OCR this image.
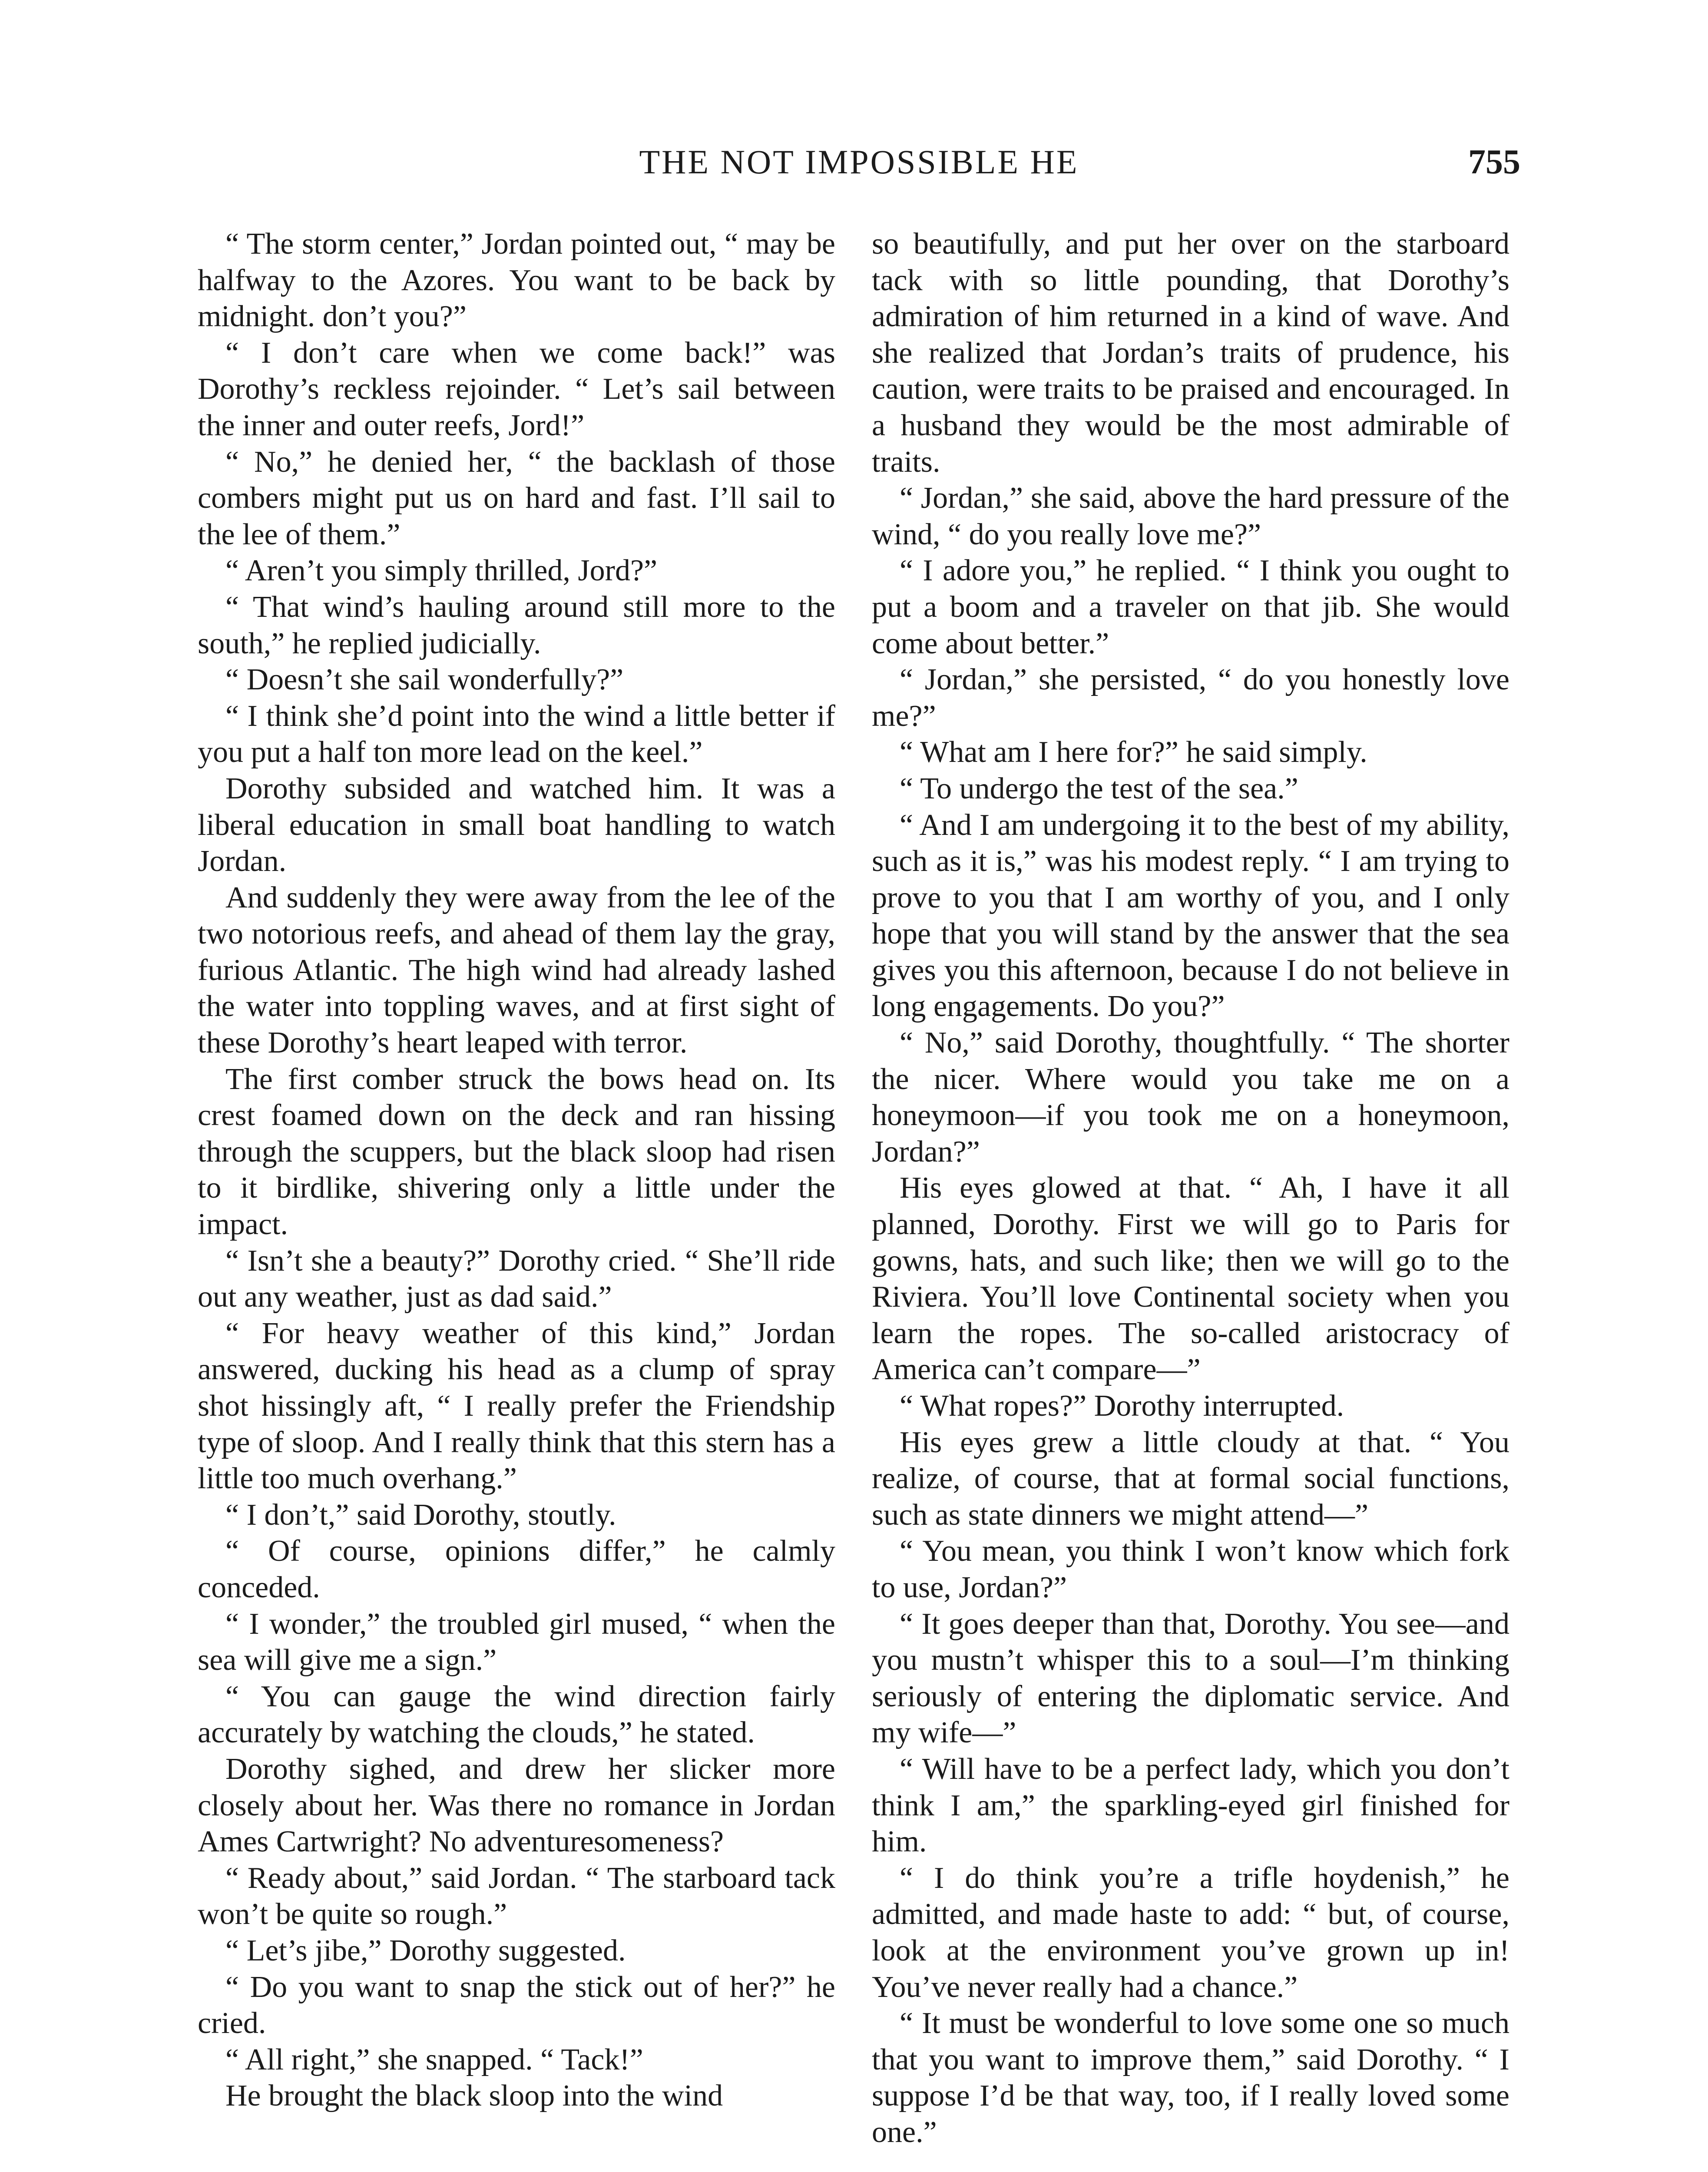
THE NOT IMPOSSIBLE HE	755

“ The storm center,” Jordan pointed out, “ may be halfway to the Azores. You want to be back by midnight. don’t you?”

“ I don’t care when we come back!” was Dorothy’s reckless rejoinder. “ Let’s sail between the inner and outer reefs, Jord!”

“ No,” he denied her, “ the backlash of those combers might put us on hard and fast. I’ll sail to the lee of them.”

“ Aren’t you simply thrilled, Jord?”

“ That wind’s hauling around still more to the south,” he replied judicially.

“ Doesn’t she sail wonderfully?”

“ I think she’d point into the wind a little better if you put a half ton more lead on the keel.”

Dorothy subsided and watched him. It was a liberal education in small boat handling to watch Jordan.

And suddenly they were away from the lee of the two notorious reefs, and ahead of them lay the gray, furious Atlantic. The high wind had already lashed the water into toppling waves, and at first sight of these Dorothy’s heart leaped with terror.

The first comber struck the bows head on. Its crest foamed down on the deck and ran hissing through the scuppers, but the black sloop had risen to it birdlike, shivering only a little under the impact.

“ Isn’t she a beauty?” Dorothy cried. “ She’ll ride out any weather, just as dad said.”

“ For heavy weather of this kind,” Jordan answered, ducking his head as a clump of spray shot hissingly aft, “ I really prefer the Friendship type of sloop. And I really think that this stern has a little too much overhang.”

“ I don’t,” said Dorothy, stoutly.

“ Of course, opinions differ,” he calmly conceded.

“ I wonder,” the troubled girl mused, “ when the sea will give me a sign.”

“ You can gauge the wind direction fairly accurately by watching the clouds,” he stated.

Dorothy sighed, and drew her slicker more closely about her. Was there no romance in Jordan Ames Cartwright? No adventuresomeness?

“ Ready about,” said Jordan. “ The starboard tack won’t be quite so rough.”

“ Let’s jibe,” Dorothy suggested.

“ Do you want to snap the stick out of her?” he cried.

“ All right,” she snapped. “ Tack!”

He brought the black sloop into the wind

so beautifully, and put her over on the starboard tack with so little pounding, that Dorothy’s admiration of him returned in a kind of wave. And she realized that Jordan’s traits of prudence, his caution, were traits to be praised and encouraged. In a husband they would be the most admirable of traits.

“ Jordan,” she said, above the hard pressure of the wind, “ do you really love me?”

“ I adore you,” he replied. “ I think you ought to put a boom and a traveler on that jib. She would come about better.”

“ Jordan,” she persisted, “ do you honestly love me?”

“ What am I here for?” he said simply.

“ To undergo the test of the sea.”

“ And I am undergoing it to the best of my ability, such as it is,” was his modest reply. “ I am trying to prove to you that I am worthy of you, and I only hope that you will stand by the answer that the sea gives you this afternoon, because I do not believe in long engagements. Do you?”

“ No,” said Dorothy, thoughtfully. “ The shorter the nicer. Where would you take me on a honeymoon—if you took me on a honeymoon, Jordan?”

His eyes glowed at that. “ Ah, I have it all planned, Dorothy. First we will go to Paris for gowns, hats, and such like; then we will go to the Riviera. You’ll love Continental society when you learn the ropes. The so-called aristocracy of America can’t compare—”

“ What ropes?” Dorothy interrupted.

His eyes grew a little cloudy at that. “ You realize, of course, that at formal social functions, such as state dinners we might attend—”

“ You mean, you think I won’t know which fork to use, Jordan?”

“ It goes deeper than that, Dorothy. You see—and you mustn’t whisper this to a soul—I’m thinking seriously of entering the diplomatic service. And my wife—”

“ Will have to be a perfect lady, which you don’t think I am,” the sparkling-eyed girl finished for him.

“ I do think you’re a trifle hoydenish,” he admitted, and made haste to add: “ but, of course, look at the environment you’ve grown up in! You’ve never really had a chance.”

“ It must be wonderful to love some one so much that you want to improve them,” said Dorothy. “ I suppose I’d be that way, too, if I really loved some one.”
